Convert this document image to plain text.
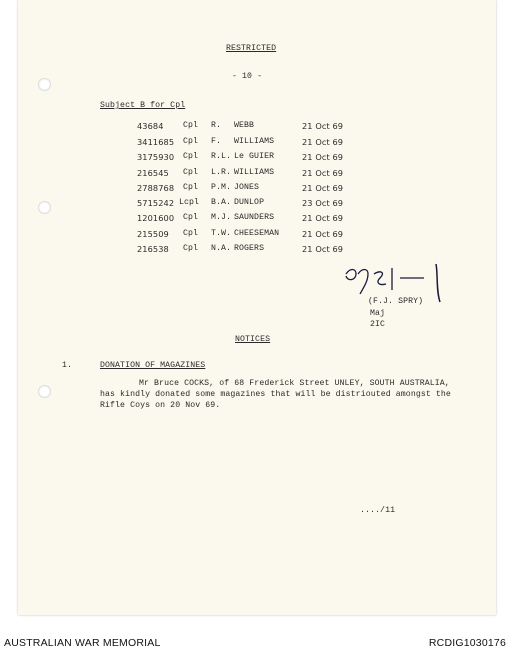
RESTRICTED
- 10 -
Subject B for Cpl
43684 Cpl R. WEBB	21 Oct 69
3411685 Cpl F. WILLIAMS	21 Oct 69
3175930 Cpl R.L. Le GUIER	21 Oct 69
216545 Cpl L.R. WILLIAMS	21 Oct 69
2788768 Cpl P.M. JONES	21 Oct 69
5715242 Lcpl B.A. DUNLOP	23 Oct 69
1201600 Cpl M.J. SAUNDERS	21 Oct 69
215509 Cpl T.W. CHEESEMAN	21 Oct 69
216538 Cpl N.A. ROGERS	21 Oct 69
(F.J. SPRY)
Maj
2IC
NOTICES
1.	DONATION OF MAGAZINES
Mr Bruce COCKS, of 68 Frederick Street UNLEY, SOUTH AUSTRALIA,
has kindly donated some magazines that will be distriouted amongst the
Rifle Coys on 20 Nov 69.
..../11
AUSTRALIAN WAR MEMORIAL	RCDIG1030176
